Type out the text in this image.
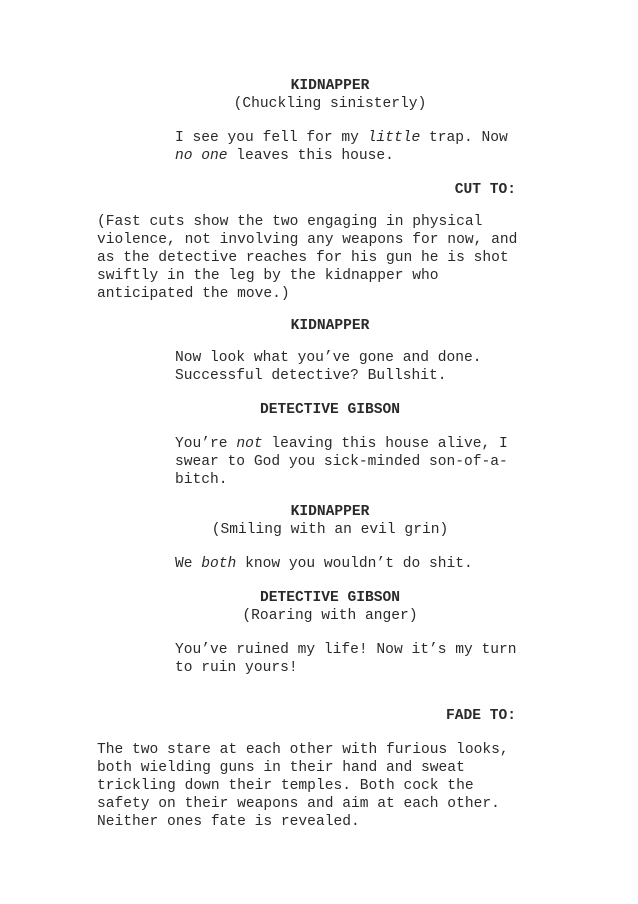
KIDNAPPER
(Chuckling sinisterly)
I see you fell for my little trap. Now
no one leaves this house.
CUT TO:
(Fast cuts show the two engaging in physical
violence, not involving any weapons for now, and
as the detective reaches for his gun he is shot
swiftly in the leg by the kidnapper who
anticipated the move.)
KIDNAPPER
Now look what you’ve gone and done.
Successful detective? Bullshit.
DETECTIVE GIBSON
You’re not leaving this house alive, I
swear to God you sick-minded son-of-a-
bitch.
KIDNAPPER
(Smiling with an evil grin)
We both know you wouldn’t do shit.
DETECTIVE GIBSON
(Roaring with anger)
You’ve ruined my life! Now it’s my turn
to ruin yours!
FADE TO:
The two stare at each other with furious looks,
both wielding guns in their hand and sweat
trickling down their temples. Both cock the
safety on their weapons and aim at each other.
Neither ones fate is revealed.
